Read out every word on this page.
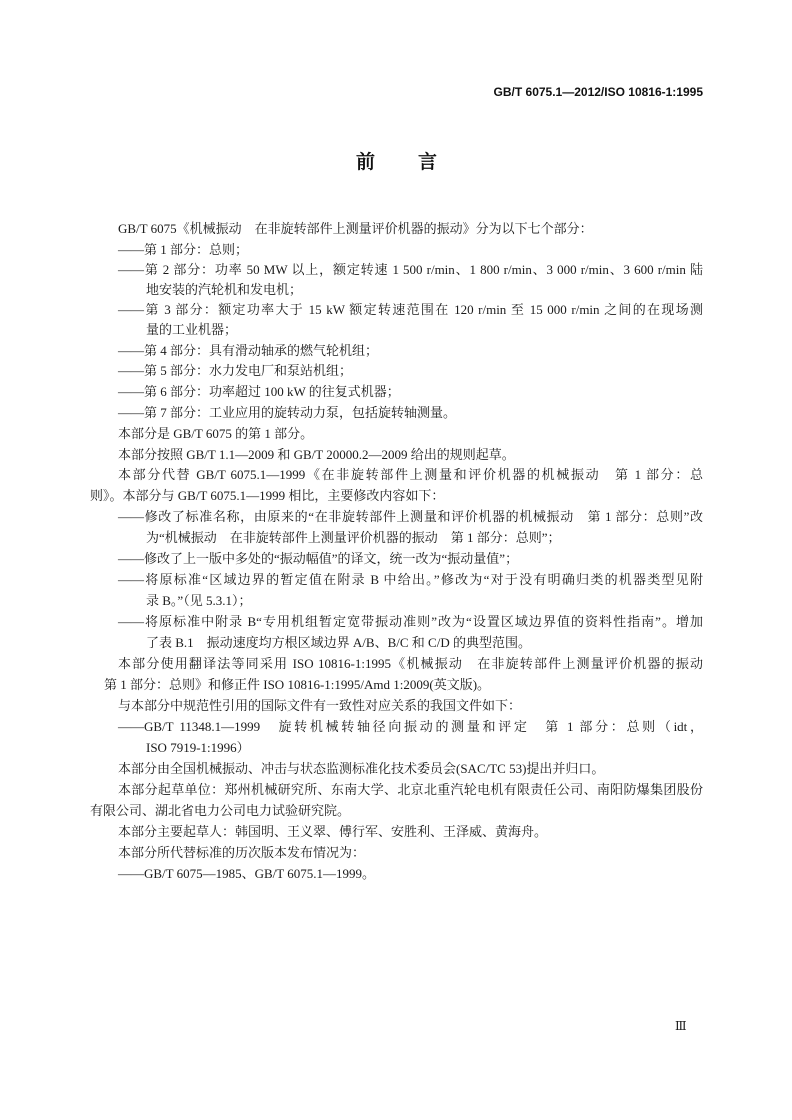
GB/T 6075.1—2012/ISO 10816-1:1995
前　言
GB/T 6075《机械振动　在非旋转部件上测量评价机器的振动》分为以下七个部分：
——第 1 部分：总则；
——第 2 部分：功率 50 MW 以上，额定转速 1 500 r/min、1 800 r/min、3 000 r/min、3 600 r/min 陆
地安装的汽轮机和发电机；
——第 3 部分：额定功率大于 15 kW 额定转速范围在 120 r/min 至 15 000 r/min 之间的在现场测
量的工业机器；
——第 4 部分：具有滑动轴承的燃气轮机组；
——第 5 部分：水力发电厂和泵站机组；
——第 6 部分：功率超过 100 kW 的往复式机器；
——第 7 部分：工业应用的旋转动力泵，包括旋转轴测量。
本部分是 GB/T 6075 的第 1 部分。
本部分按照 GB/T 1.1—2009 和 GB/T 20000.2—2009 给出的规则起草。
本部分代替 GB/T 6075.1—1999《在非旋转部件上测量和评价机器的机械振动　第 1 部分：总
则》。本部分与 GB/T 6075.1—1999 相比，主要修改内容如下：
——修改了标准名称，由原来的“在非旋转部件上测量和评价机器的机械振动　第 1 部分：总则”改
为“机械振动　在非旋转部件上测量评价机器的振动　第 1 部分：总则”；
——修改了上一版中多处的“振动幅值”的译文，统一改为“振动量值”；
——将原标准“区域边界的暂定值在附录 B 中给出。”修改为“对于没有明确归类的机器类型见附
录 B。”（见 5.3.1）；
——将原标准中附录 B“专用机组暂定宽带振动准则”改为“设置区域边界值的资料性指南”。增加
了表 B.1　振动速度均方根区域边界 A/B、B/C 和 C/D 的典型范围。
本部分使用翻译法等同采用 ISO 10816-1:1995《机械振动　在非旋转部件上测量评价机器的振动
第 1 部分：总则》和修正件 ISO 10816-1:1995/Amd 1:2009(英文版)。
与本部分中规范性引用的国际文件有一致性对应关系的我国文件如下：
——GB/T 11348.1—1999　旋转机械转轴径向振动的测量和评定　第 1 部分：总则（idt，
ISO 7919-1:1996）
本部分由全国机械振动、冲击与状态监测标准化技术委员会(SAC/TC 53)提出并归口。
本部分起草单位：郑州机械研究所、东南大学、北京北重汽轮电机有限责任公司、南阳防爆集团股份
有限公司、湖北省电力公司电力试验研究院。
本部分主要起草人：韩国明、王义翠、傅行军、安胜利、王泽威、黄海舟。
本部分所代替标准的历次版本发布情况为：
——GB/T 6075—1985、GB/T 6075.1—1999。
Ⅲ
